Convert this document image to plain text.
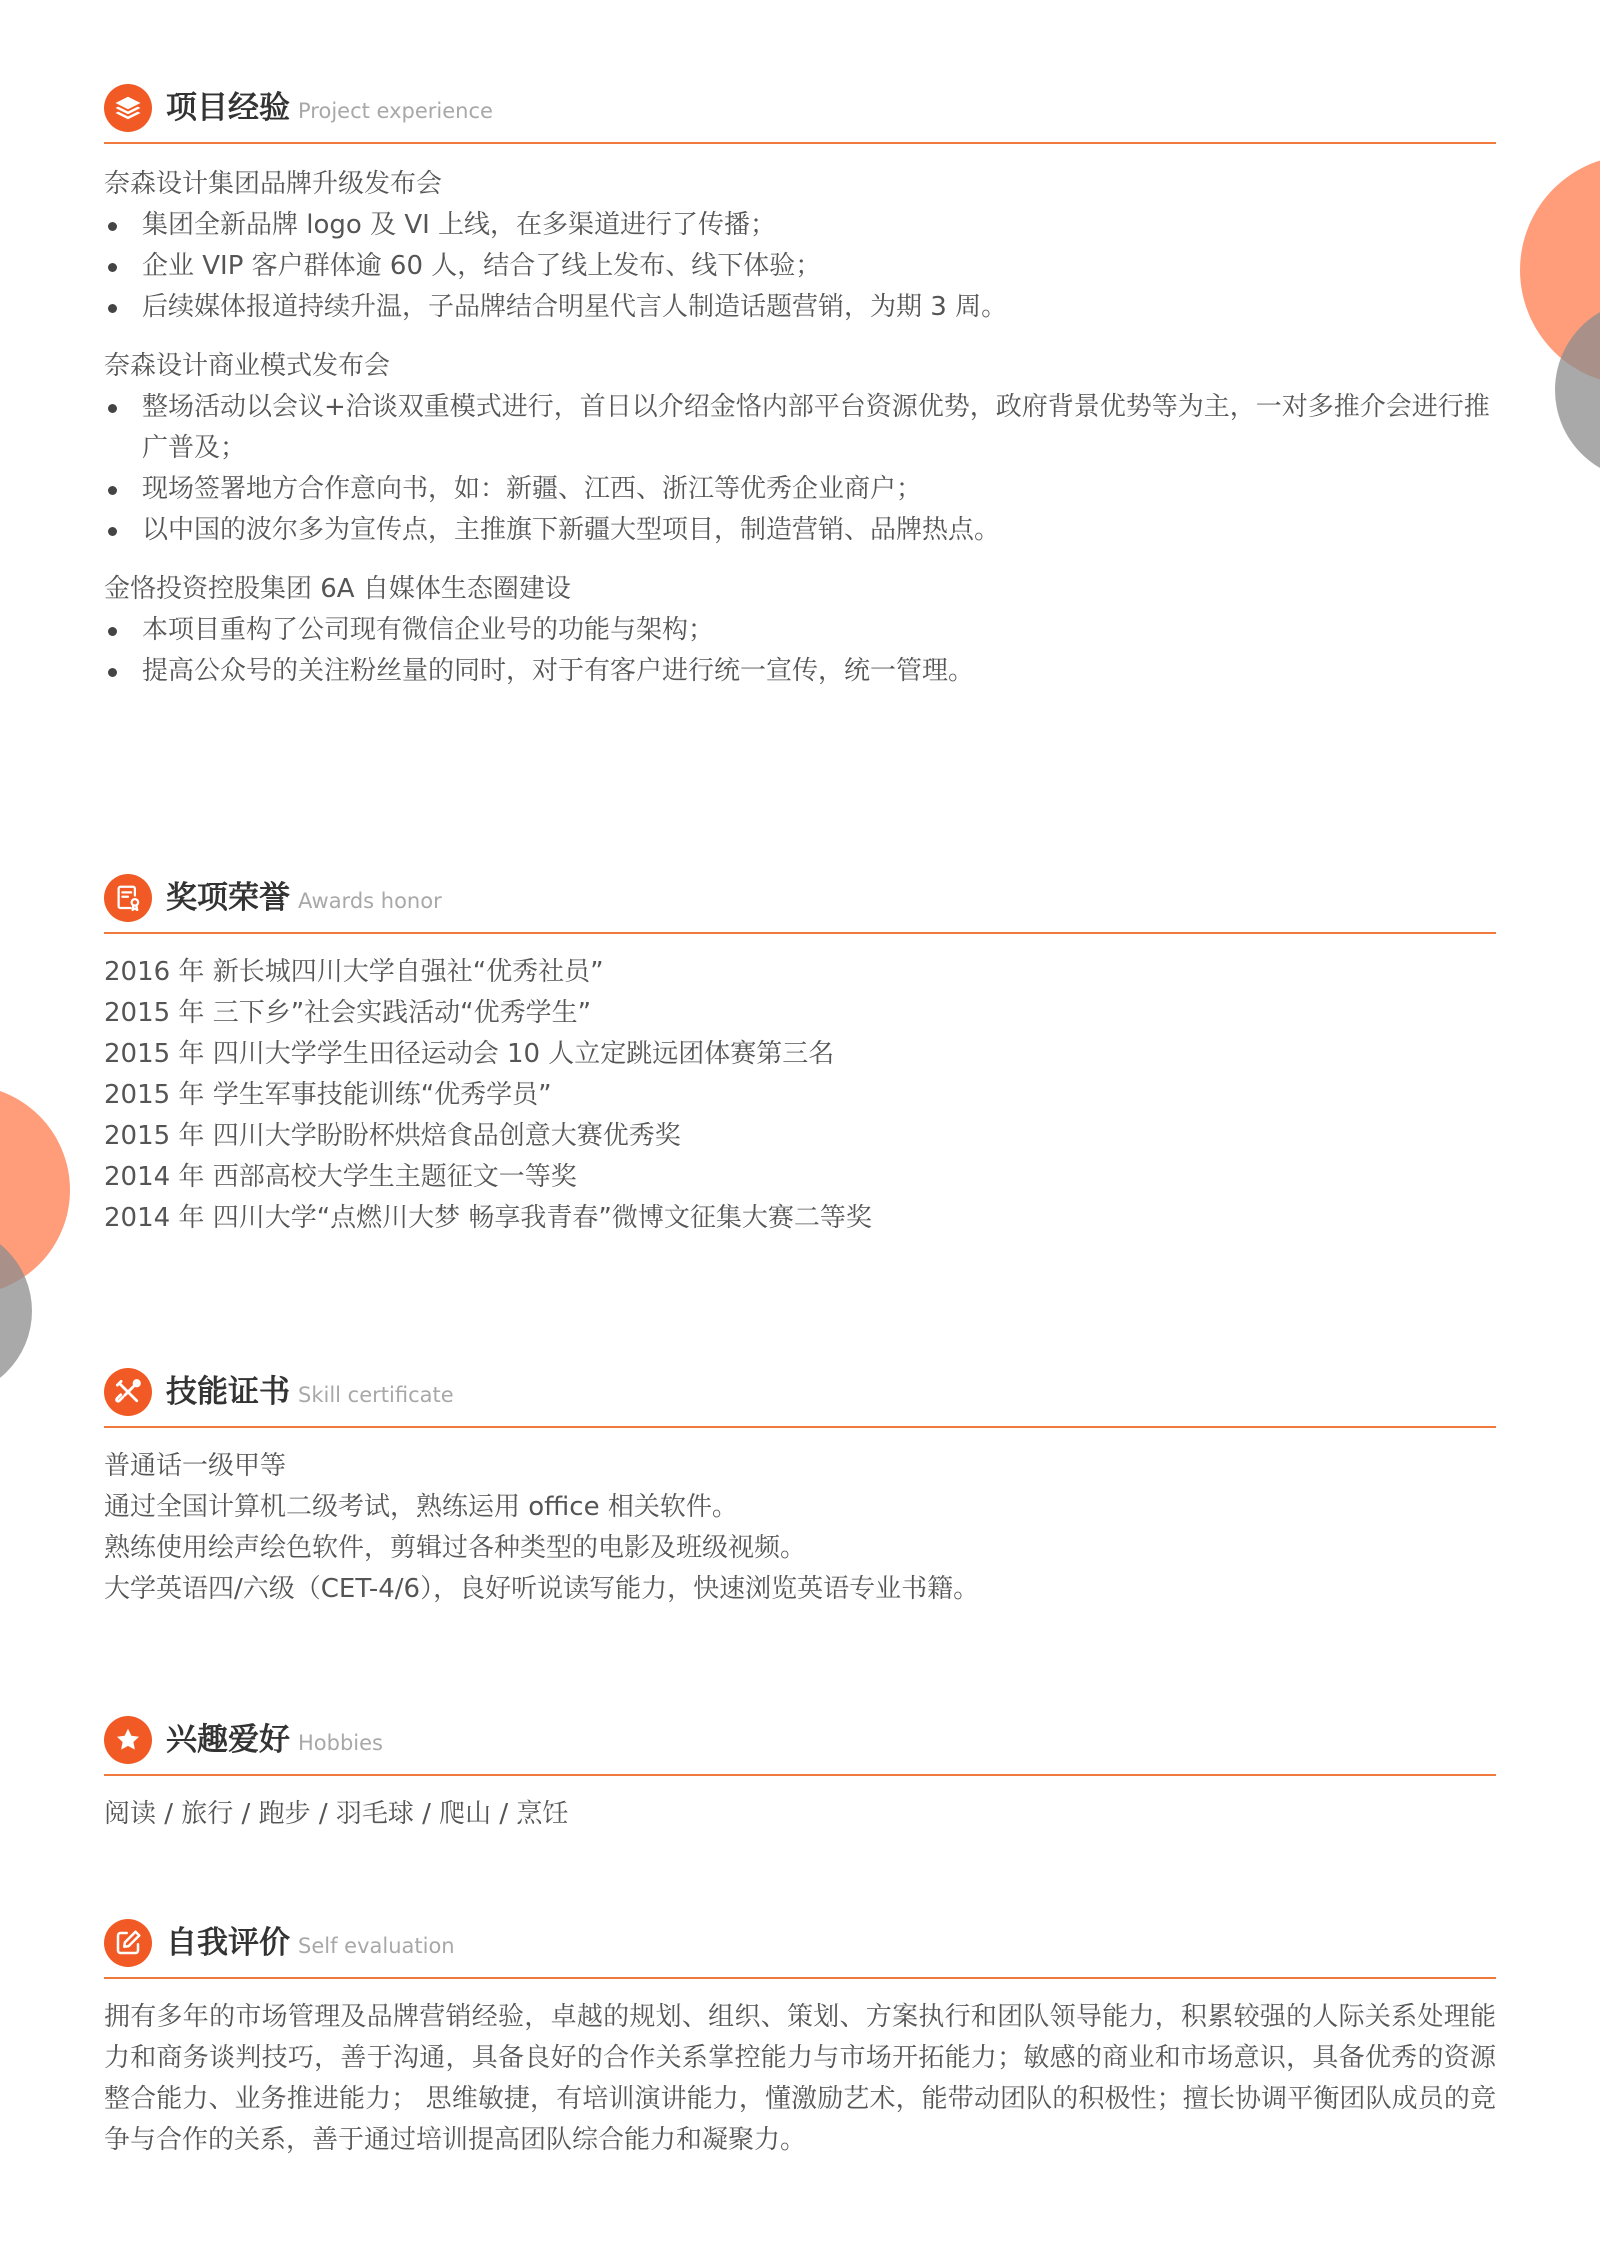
项目经验 Project experience
奈森设计集团品牌升级发布会
集团全新品牌 logo 及 VI 上线，在多渠道进行了传播；
企业 VIP 客户群体逾 60 人，结合了线上发布、线下体验；
后续媒体报道持续升温，子品牌结合明星代言人制造话题营销，为期 3 周。
奈森设计商业模式发布会
整场活动以会议+洽谈双重模式进行，首日以介绍金恪内部平台资源优势，政府背景优势等为主，一对多推介会进行推广普及；
现场签署地方合作意向书，如：新疆、江西、浙江等优秀企业商户；
以中国的波尔多为宣传点，主推旗下新疆大型项目，制造营销、品牌热点。
金恪投资控股集团 6A 自媒体生态圈建设
本项目重构了公司现有微信企业号的功能与架构；
提高公众号的关注粉丝量的同时，对于有客户进行统一宣传，统一管理。
奖项荣誉 Awards honor
2016 年 新长城四川大学自强社“优秀社员”
2015 年 三下乡”社会实践活动“优秀学生”
2015 年 四川大学学生田径运动会 10 人立定跳远团体赛第三名
2015 年 学生军事技能训练“优秀学员”
2015 年 四川大学盼盼杯烘焙食品创意大赛优秀奖
2014 年 西部高校大学生主题征文一等奖
2014 年 四川大学“点燃川大梦 畅享我青春”微博文征集大赛二等奖
技能证书 Skill certificate
普通话一级甲等
通过全国计算机二级考试，熟练运用 office 相关软件。
熟练使用绘声绘色软件，剪辑过各种类型的电影及班级视频。
大学英语四/六级（CET-4/6），良好听说读写能力，快速浏览英语专业书籍。
兴趣爱好 Hobbies
阅读 / 旅行 / 跑步 / 羽毛球 / 爬山 / 烹饪
自我评价 Self evaluation
拥有多年的市场管理及品牌营销经验，卓越的规划、组织、策划、方案执行和团队领导能力，积累较强的人际关系处理能力和商务谈判技巧，善于沟通，具备良好的合作关系掌控能力与市场开拓能力；敏感的商业和市场意识，具备优秀的资源整合能力、业务推进能力； 思维敏捷，有培训演讲能力，懂激励艺术，能带动团队的积极性；擅长协调平衡团队成员的竞争与合作的关系，善于通过培训提高团队综合能力和凝聚力。
